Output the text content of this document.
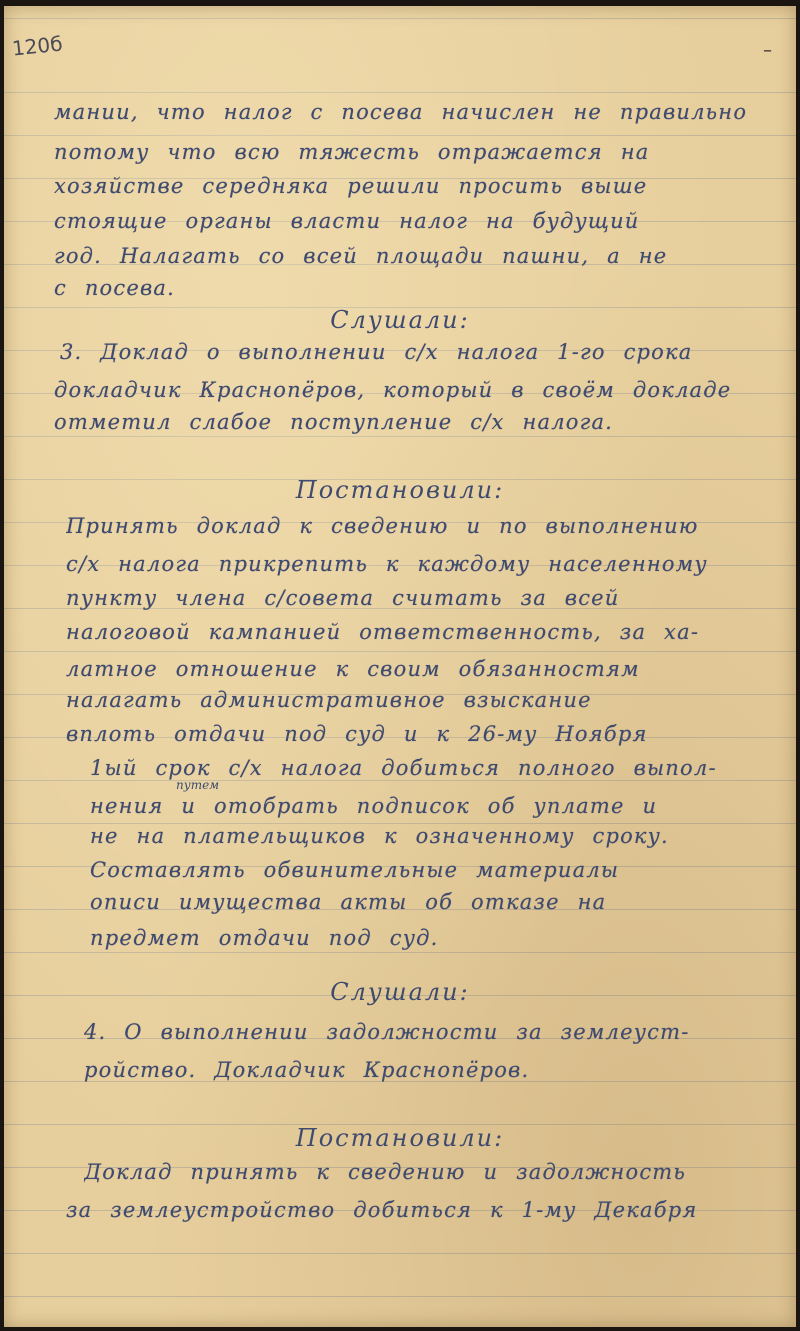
120б	–
мании, что налог с посева начислен не правильно
потому что всю тяжесть отражается на
хозяйстве середняка решили просить выше
стоящие органы власти налог на будущий
год. Налагать со всей площади пашни, а не
с посева.
Слушали:
3. Доклад о выполнении с/х налога 1-го срока
докладчик Краснопёров, который в своём докладе
отметил слабое поступление с/х налога.
Постановили:
Принять доклад к сведению и по выполнению
с/х налога прикрепить к каждому населенному
пункту члена с/совета считать за всей
налоговой кампанией ответственность, за ха-
латное отношение к своим обязанностям
налагать административное взыскание
вплоть отдачи под суд и к 26-му Ноября
1ый срок с/х налога добиться полного выпол-
путем
нения и отобрать подписок об уплате и
не на плательщиков к означенному сроку.
Составлять обвинительные материалы
описи имущества акты об отказе на
предмет отдачи под суд.
Слушали:
4. О выполнении задолжности за землеуст-
ройство. Докладчик Краснопёров.
Постановили:
Доклад принять к сведению и задолжность
за землеустройство добиться к 1-му Декабря
